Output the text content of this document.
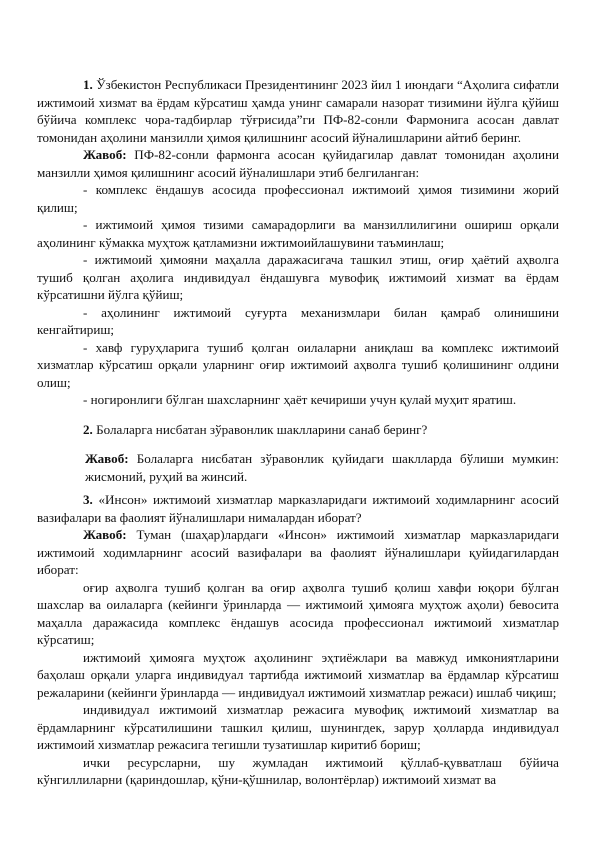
1. Ўзбекистон Республикаси Президентининг 2023 йил 1 июндаги “Аҳолига сифатли ижтимоий хизмат ва ёрдам кўрсатиш ҳамда унинг самарали назорат тизимини йўлга қўйиш бўйича комплекс чора-тадбирлар тўғрисида”ги ПФ-82-сонли Фармонига асосан давлат томонидан аҳолини манзилли ҳимоя қилишнинг асосий йўналишларини айтиб беринг.

Жавоб: ПФ-82-сонли фармонга асосан қуйидагилар давлат томонидан аҳолини манзилли ҳимоя қилишнинг асосий йўналишлари этиб белгиланган:

- комплекс ёндашув асосида профессионал ижтимоий ҳимоя тизимини жорий қилиш;

- ижтимоий ҳимоя тизими самарадорлиги ва манзиллилигини ошириш орқали аҳолининг кўмакка муҳтож қатламизни ижтимоийлашувини таъминлаш;

- ижтимоий ҳимояни маҳалла даражасигача ташкил этиш, оғир ҳаётий аҳволга тушиб қолган аҳолига индивидуал ёндашувга мувофиқ ижтимоий хизмат ва ёрдам кўрсатишни йўлга қўйиш;

- аҳолининг ижтимоий суғурта механизмлари билан қамраб олинишини кенгайтириш;

- хавф гуруҳларига тушиб қолган оилаларни аниқлаш ва комплекс ижтимоий хизматлар кўрсатиш орқали уларнинг оғир ижтимоий аҳволга тушиб қолишининг олдини олиш;

- ногиронлиги бўлган шахсларнинг ҳаёт кечириши учун қулай муҳит яратиш.

2. Болаларга нисбатан зўравонлик шаклларини санаб беринг?

Жавоб: Болаларга нисбатан зўравонлик қуйидаги шаклларда бўлиши мумкин: жисмоний, руҳий ва жинсий.

3. «Инсон» ижтимоий хизматлар марказларидаги ижтимоий ходимларнинг асосий вазифалари ва фаолият йўналишлари нималардан иборат?

Жавоб: Туман (шаҳар)лардаги «Инсон» ижтимоий хизматлар марказларидаги ижтимоий ходимларнинг асосий вазифалари ва фаолият йўналишлари қуйидагилардан иборат:

оғир аҳволга тушиб қолган ва оғир аҳволга тушиб қолиш хавфи юқори бўлган шахслар ва оилаларга (кейинги ўринларда — ижтимоий ҳимояга муҳтож аҳоли) бевосита маҳалла даражасида комплекс ёндашув асосида профессионал ижтимоий хизматлар кўрсатиш;

ижтимоий ҳимояга муҳтож аҳолининг эҳтиёжлари ва мавжуд имкониятларини баҳолаш орқали уларга индивидуал тартибда ижтимоий хизматлар ва ёрдамлар кўрсатиш режаларини (кейинги ўринларда — индивидуал ижтимоий хизматлар режаси) ишлаб чиқиш;

индивидуал ижтимоий хизматлар режасига мувофиқ ижтимоий хизматлар ва ёрдамларнинг кўрсатилишини ташкил қилиш, шунингдек, зарур ҳолларда индивидуал ижтимоий хизматлар режасига тегишли тузатишлар киритиб бориш;

ички ресурсларни, шу жумладан ижтимоий қўллаб-қувватлаш бўйича кўнгиллиларни (қариндошлар, қўни-қўшнилар, волонтёрлар) ижтимоий хизмат ва
